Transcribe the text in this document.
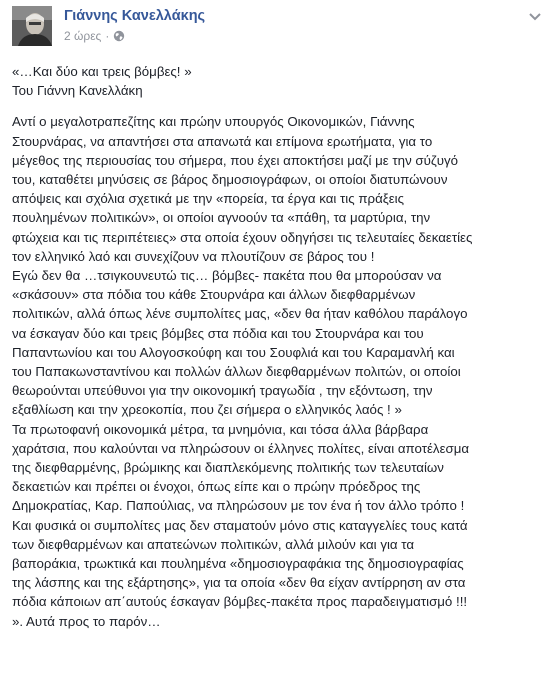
Γιάννης Κανελλάκης
2 ώρες ·
«…Και δύο και τρεις βόμβες! »
Του Γιάννη Κανελλάκη
Αντί ο μεγαλοτραπεζίτης και πρώην υπουργός Οικονομικών, Γιάννης
Στουρνάρας, να απαντήσει στα απανωτά και επίμονα ερωτήματα, για το
μέγεθος της περιουσίας του σήμερα, που έχει αποκτήσει μαζί με την σύζυγό
του, καταθέτει μηνύσεις σε βάρος δημοσιογράφων, οι οποίοι διατυπώνουν
απόψεις και σχόλια σχετικά με την «πορεία, τα έργα και τις πράξεις
πουλημένων πολιτικών», οι οποίοι αγνοούν τα «πάθη, τα μαρτύρια, την
φτώχεια και τις περιπέτειες» στα οποία έχουν οδηγήσει τις τελευταίες δεκαετίες
τον ελληνικό λαό και συνεχίζουν να πλουτίζουν σε βάρος του !
Εγώ δεν θα …τσιγκουνευτώ τις… βόμβες- πακέτα που θα μπορούσαν να
«σκάσουν» στα πόδια του κάθε Στουρνάρα και άλλων διεφθαρμένων
πολιτικών, αλλά όπως λένε συμπολίτες μας, «δεν θα ήταν καθόλου παράλογο
να έσκαγαν δύο και τρεις βόμβες στα πόδια και του Στουρνάρα και του
Παπαντωνίου και του Αλογοσκούφη και του Σουφλιά και του Καραμανλή και
του Παπακωνσταντίνου και πολλών άλλων διεφθαρμένων πολιτών, οι οποίοι
θεωρούνται υπεύθυνοι για την οικονομική τραγωδία , την εξόντωση, την
εξαθλίωση και την χρεοκοπία, που ζει σήμερα ο ελληνικός λαός ! »
Τα πρωτοφανή οικονομικά μέτρα, τα μνημόνια, και τόσα άλλα βάρβαρα
χαράτσια, που καλούνται να πληρώσουν οι έλληνες πολίτες, είναι αποτέλεσμα
της διεφθαρμένης, βρώμικης και διαπλεκόμενης πολιτικής των τελευταίων
δεκαετιών και πρέπει οι ένοχοι, όπως είπε και ο πρώην πρόεδρος της
Δημοκρατίας, Καρ. Παπούλιας, να πληρώσουν με τον ένα ή τον άλλο τρόπο !
Και φυσικά οι συμπολίτες μας δεν σταματούν μόνο στις καταγγελίες τους κατά
των διεφθαρμένων και απατεώνων πολιτικών, αλλά μιλούν και για τα
βαπoράκια, τρωκτικά και πουλημένα «δημοσιογραφάκια της δημοσιογραφίας
της λάσπης και της εξάρτησης», για τα οποία «δεν θα είχαν αντίρρηση αν στα
πόδια κάποιων απ΄αυτούς έσκαγαν βόμβες-πακέτα προς παραδειγματισμό !!!
». Αυτά προς το παρόν…
